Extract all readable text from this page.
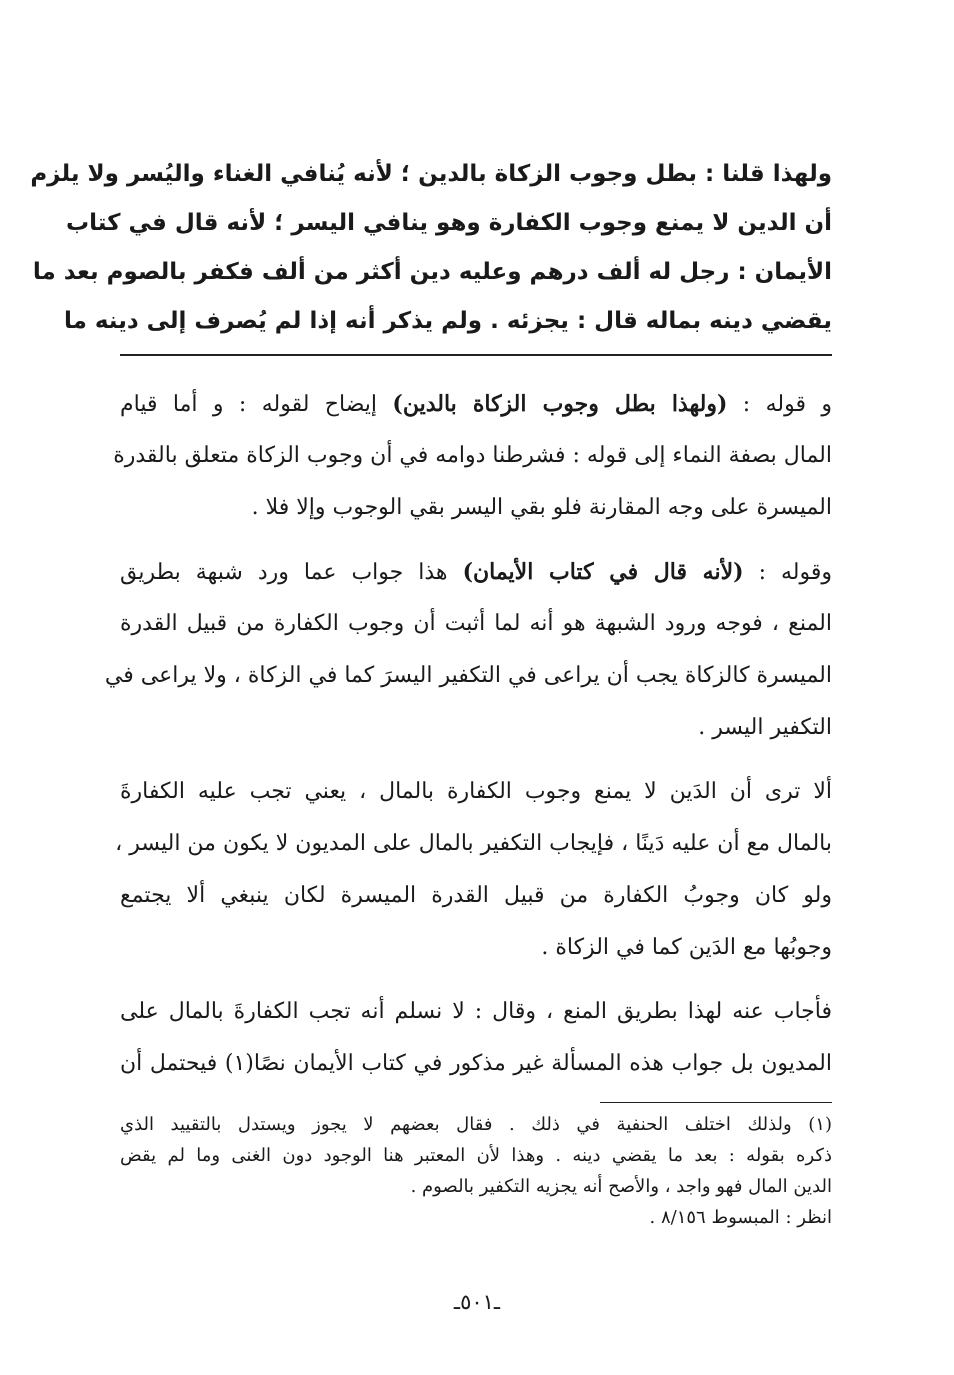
ولهذا قلنا : بطل وجوب الزكاة بالدين ؛ لأنه يُنافي الغناء واليُسر ولا يلزم
أن الدين لا يمنع وجوب الكفارة وهو ينافي اليسر ؛ لأنه قال في كتاب
الأيمان : رجل له ألف درهم وعليه دين أكثر من ألف فكفر بالصوم بعد ما
يقضي دينه بماله قال : يجزئه . ولم يذكر أنه إذا لم يُصرف إلى دينه ما
و قوله : (ولهذا بطل وجوب الزكاة بالدين) إيضاح لقوله : و أما قيام
المال بصفة النماء إلى قوله : فشرطنا دوامه في أن وجوب الزكاة متعلق بالقدرة
الميسرة على وجه المقارنة فلو بقي اليسر بقي الوجوب وإلا فلا .
وقوله : (لأنه قال في كتاب الأيمان) هذا جواب عما ورد شبهة بطريق
المنع ، فوجه ورود الشبهة هو أنه لما أثبت أن وجوب الكفارة من قبيل القدرة
الميسرة كالزكاة يجب أن يراعى في التكفير اليسرَ كما في الزكاة ، ولا يراعى في
التكفير اليسر .
ألا ترى أن الدَين لا يمنع وجوب الكفارة بالمال ، يعني تجب عليه الكفارةَ
بالمال مع أن عليه دَينًا ، فإيجاب التكفير بالمال على المديون لا يكون من اليسر ،
ولو كان وجوبُ الكفارة من قبيل القدرة الميسرة لكان ينبغي ألا يجتمع
وجوبُها مع الدَين كما في الزكاة .
فأجاب عنه لهذا بطريق المنع ، وقال : لا نسلم أنه تجب الكفارةَ بالمال على
المديون بل جواب هذه المسألة غير مذكور في كتاب الأيمان نصًا(١) فيحتمل أن
(١) ولذلك اختلف الحنفية في ذلك . فقال بعضهم لا يجوز ويستدل بالتقييد الذي
ذكره بقوله : بعد ما يقضي دينه . وهذا لأن المعتبر هنا الوجود دون الغنى وما لم يقض
الدين المال فهو واجد ، والأصح أنه يجزيه التكفير بالصوم .
انظر : المبسوط ٨/١٥٦ .
ـ٥٠١ـ
